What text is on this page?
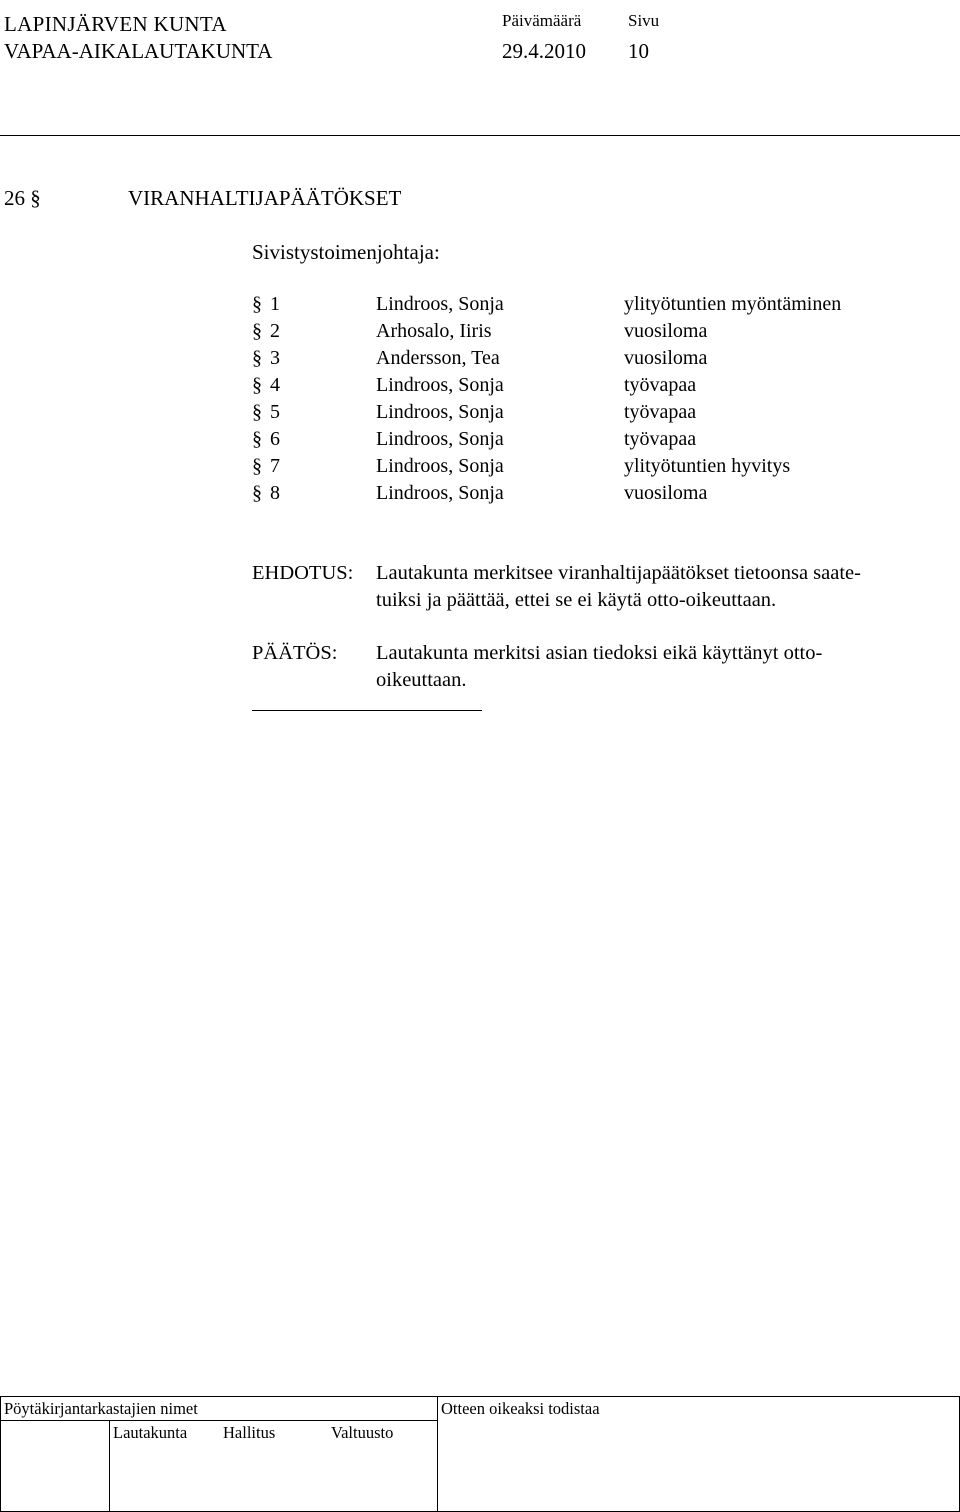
LAPINJÄRVEN KUNTA
VAPAA-AIKALAUTAKUNTA
Päivämäärä
29.4.2010
Sivu
10
26 §	VIRANHALTIJAPÄÄTÖKSET
Sivistystoimenjohtaja:
§ 1	Lindroos, Sonja	ylityötuntien myöntäminen
§ 2	Arhosalo, Iiris	vuosiloma
§ 3	Andersson, Tea	vuosiloma
§ 4	Lindroos, Sonja	työvapaa
§ 5	Lindroos, Sonja	työvapaa
§ 6	Lindroos, Sonja	työvapaa
§ 7	Lindroos, Sonja	ylityötuntien hyvitys
§ 8	Lindroos, Sonja	vuosiloma
EHDOTUS: Lautakunta merkitsee viranhaltijapäätökset tietoonsa saate-
tuiksi ja päättää, ettei se ei käytä otto-oikeuttaan.
PÄÄTÖS: Lautakunta merkitsi asian tiedoksi eikä käyttänyt otto-
oikeuttaan.
Pöytäkirjantarkastajien nimet
Lautakunta Hallitus	Valtuusto
Otteen oikeaksi todistaa
